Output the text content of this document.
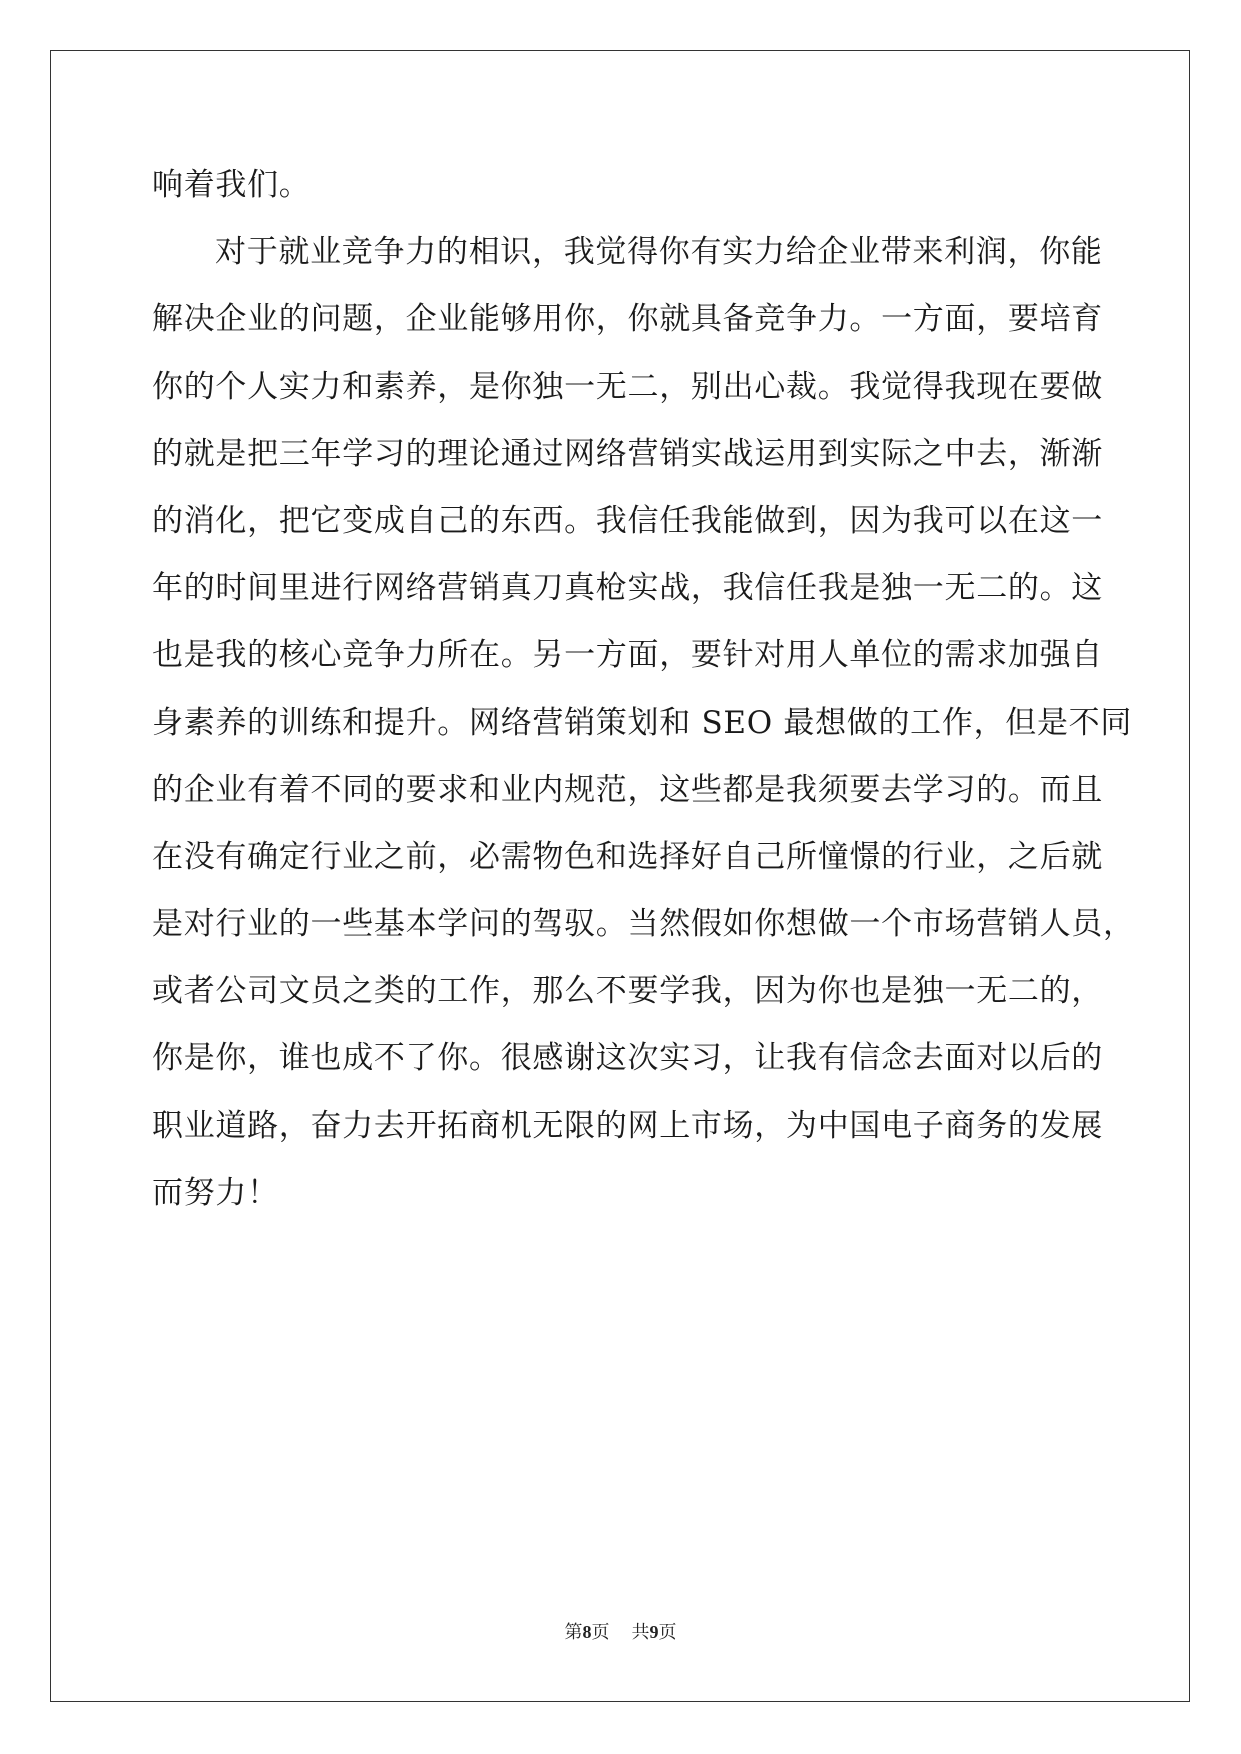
响着我们。
对于就业竞争力的相识，我觉得你有实力给企业带来利润，你能
解决企业的问题，企业能够用你，你就具备竞争力。一方面，要培育
你的个人实力和素养，是你独一无二，别出心裁。我觉得我现在要做
的就是把三年学习的理论通过网络营销实战运用到实际之中去，渐渐
的消化，把它变成自己的东西。我信任我能做到，因为我可以在这一
年的时间里进行网络营销真刀真枪实战，我信任我是独一无二的。这
也是我的核心竞争力所在。另一方面，要针对用人单位的需求加强自
身素养的训练和提升。网络营销策划和 SEO 最想做的工作，但是不同
的企业有着不同的要求和业内规范，这些都是我须要去学习的。而且
在没有确定行业之前，必需物色和选择好自己所憧憬的行业，之后就
是对行业的一些基本学问的驾驭。当然假如你想做一个市场营销人员，
或者公司文员之类的工作，那么不要学我，因为你也是独一无二的，
你是你，谁也成不了你。很感谢这次实习，让我有信念去面对以后的
职业道路，奋力去开拓商机无限的网上市场，为中国电子商务的发展
而努力！
第8页 共9页
